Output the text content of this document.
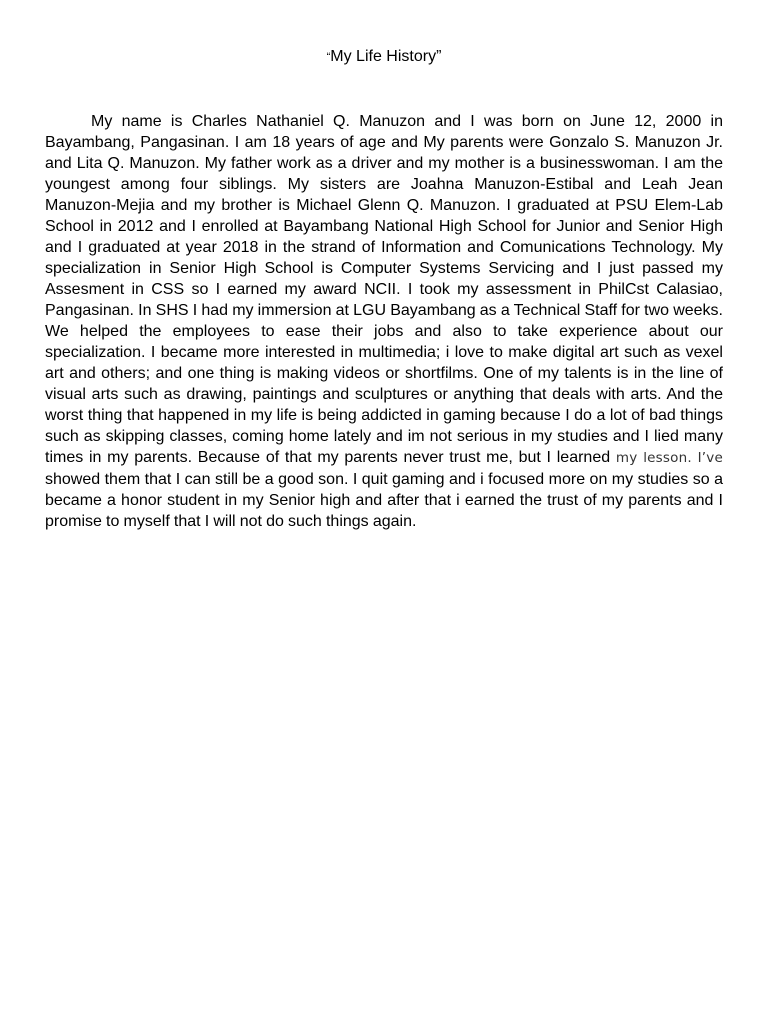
“My Life History”

My name is Charles Nathaniel Q. Manuzon and I was born on June 12, 2000 in Bayambang, Pangasinan. I am 18 years of age and My parents were Gonzalo S. Manuzon Jr. and Lita Q. Manuzon. My father work as a driver and my mother is a businesswoman. I am the youngest among four siblings. My sisters are Joahna Manuzon-Estibal and Leah Jean Manuzon-Mejia and my brother is Michael Glenn Q. Manuzon. I graduated at PSU Elem-Lab School in 2012 and I enrolled at Bayambang National High School for Junior and Senior High and I graduated at year 2018 in the strand of Information and Comunications Technology. My specialization in Senior High School is Computer Systems Servicing and I just passed my Assesment in CSS so I earned my award NCII. I took my assessment in PhilCst Calasiao, Pangasinan. In SHS I had my immersion at LGU Bayambang as a Technical Staff for two weeks. We helped the employees to ease their jobs and also to take experience about our specialization. I became more interested in multimedia; i love to make digital art such as vexel art and others; and one thing is making videos or shortfilms. One of my talents is in the line of visual arts such as drawing, paintings and sculptures or anything that deals with arts. And the worst thing that happened in my life is being addicted in gaming because I do a lot of bad things such as skipping classes, coming home lately and im not serious in my studies and I lied many times in my parents. Because of that my parents never trust me, but I learned my lesson. I’ve showed them that I can still be a good son. I quit gaming and i focused more on my studies so a became a honor student in my Senior high and after that i earned the trust of my parents and I promise to myself that I will not do such things again.
